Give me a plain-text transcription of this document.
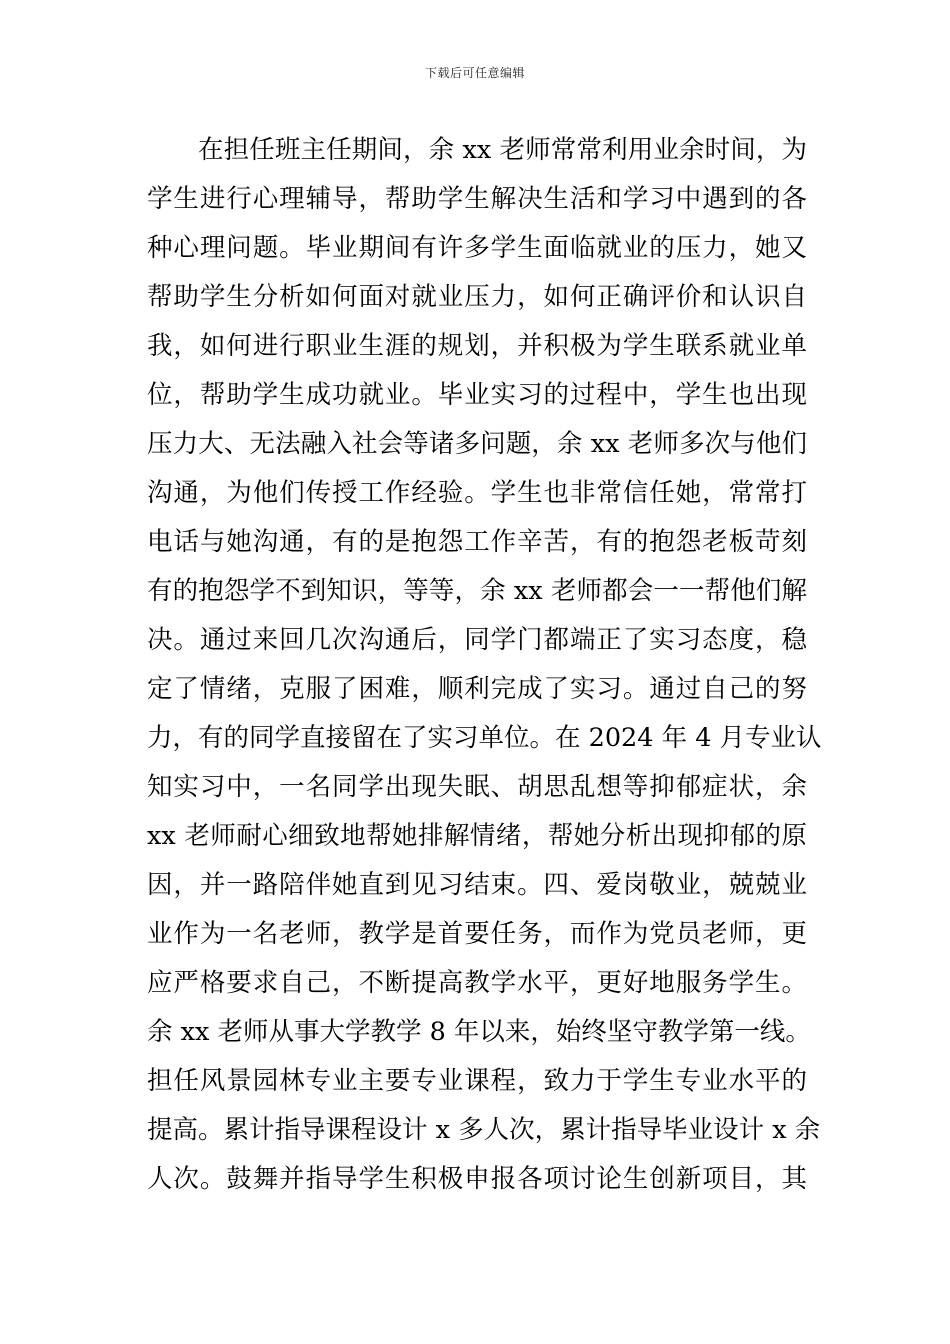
下载后可任意编辑
在担任班主任期间，余 xx 老师常常利用业余时间，为
学生进行心理辅导，帮助学生解决生活和学习中遇到的各
种心理问题。毕业期间有许多学生面临就业的压力，她又
帮助学生分析如何面对就业压力，如何正确评价和认识自
我，如何进行职业生涯的规划，并积极为学生联系就业单
位，帮助学生成功就业。毕业实习的过程中，学生也出现
压力大、无法融入社会等诸多问题，余 xx 老师多次与他们
沟通，为他们传授工作经验。学生也非常信任她，常常打
电话与她沟通，有的是抱怨工作辛苦，有的抱怨老板苛刻
有的抱怨学不到知识，等等，余 xx 老师都会一一帮他们解
决。通过来回几次沟通后，同学门都端正了实习态度，稳
定了情绪，克服了困难，顺利完成了实习。通过自己的努
力，有的同学直接留在了实习单位。在 2024 年 4 月专业认
知实习中，一名同学出现失眠、胡思乱想等抑郁症状，余
xx 老师耐心细致地帮她排解情绪，帮她分析出现抑郁的原
因，并一路陪伴她直到见习结束。四、爱岗敬业，兢兢业
业作为一名老师，教学是首要任务，而作为党员老师，更
应严格要求自己，不断提高教学水平，更好地服务学生。
余 xx 老师从事大学教学 8 年以来，始终坚守教学第一线。
担任风景园林专业主要专业课程，致力于学生专业水平的
提高。累计指导课程设计 x 多人次，累计指导毕业设计 x 余
人次。鼓舞并指导学生积极申报各项讨论生创新项目，其
